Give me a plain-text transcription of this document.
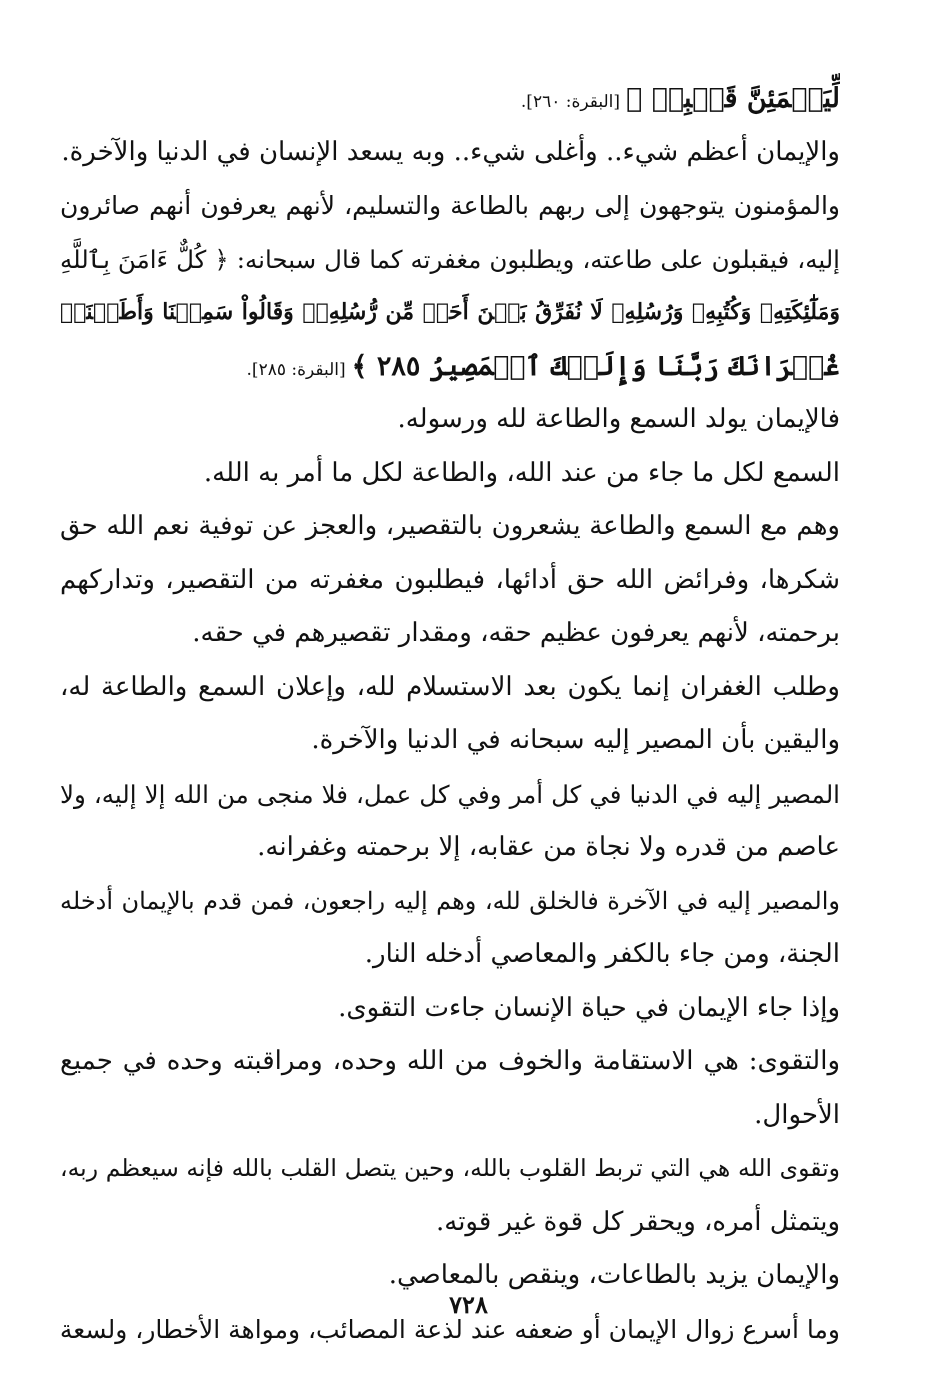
لِّيَطۡمَئِنَّ قَلۡبِىۖ ﴾[البقرة: ٢٦٠].
والإيمان أعظم شيء.. وأغلى شيء.. وبه يسعد الإنسان في الدنيا والآخرة.
والمؤمنون يتوجهون إلى ربهم بالطاعة والتسليم، لأنهم يعرفون أنهم صائرون
إليه، فيقبلون على طاعته، ويطلبون مغفرته كما قال سبحانه: ﴿ كُلٌّ ءَامَنَ بِٱللَّهِ
وَمَلَٰٓئِكَتِهِۦ وَكُتُبِهِۦ وَرُسُلِهِۦ لَا نُفَرِّقُ بَيۡنَ أَحَدٖ مِّن رُّسُلِهِۦۚ وَقَالُواْ سَمِعۡنَا وَأَطَعۡنَاۖ
غُفۡرَانَكَ رَبَّنَا وَإِلَيۡكَ ٱلۡمَصِيرُ ٢٨٥ ﴾[البقرة: ٢٨٥].
فالإيمان يولد السمع والطاعة لله ورسوله.
السمع لكل ما جاء من عند الله، والطاعة لكل ما أمر به الله.
وهم مع السمع والطاعة يشعرون بالتقصير، والعجز عن توفية نعم الله حق
شكرها، وفرائض الله حق أدائها، فيطلبون مغفرته من التقصير، وتداركهم
برحمته، لأنهم يعرفون عظيم حقه، ومقدار تقصيرهم في حقه.
وطلب الغفران إنما يكون بعد الاستسلام لله، وإعلان السمع والطاعة له،
واليقين بأن المصير إليه سبحانه في الدنيا والآخرة.
المصير إليه في الدنيا في كل أمر وفي كل عمل، فلا منجى من الله إلا إليه، ولا
عاصم من قدره ولا نجاة من عقابه، إلا برحمته وغفرانه.
والمصير إليه في الآخرة فالخلق لله، وهم إليه راجعون، فمن قدم بالإيمان أدخله
الجنة، ومن جاء بالكفر والمعاصي أدخله النار.
وإذا جاء الإيمان في حياة الإنسان جاءت التقوى.
والتقوى: هي الاستقامة والخوف من الله وحده، ومراقبته وحده في جميع
الأحوال.
وتقوى الله هي التي تربط القلوب بالله، وحين يتصل القلب بالله فإنه سيعظم ربه،
ويتمثل أمره، ويحقر كل قوة غير قوته.
والإيمان يزيد بالطاعات، وينقص بالمعاصي.
وما أسرع زوال الإيمان أو ضعفه عند لذعة المصائب، ومواهة الأخطار، ولسعة
٧٢٨
